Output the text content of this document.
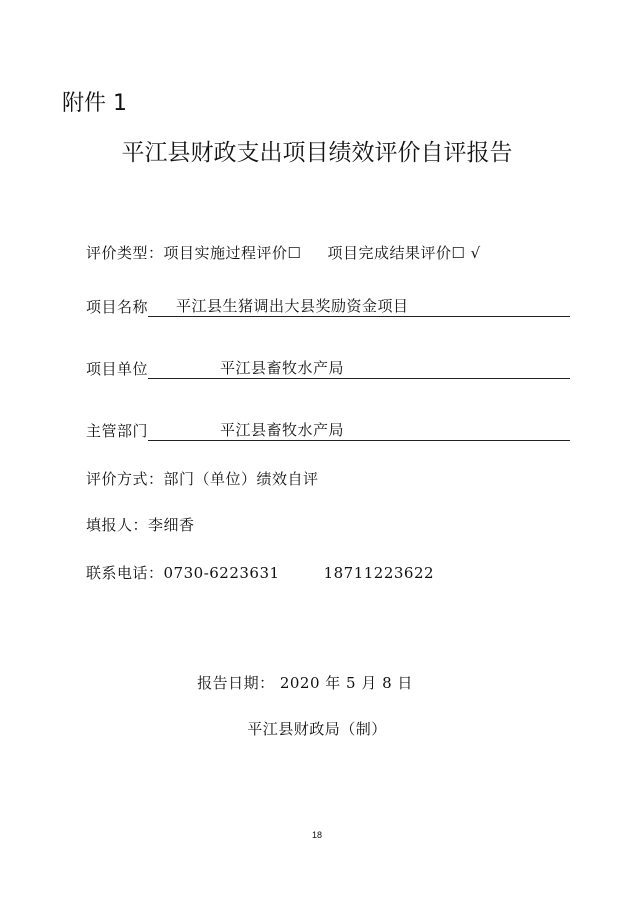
附件 1
平江县财政支出项目绩效评价自评报告
评价类型：项目实施过程评价☐ 项目完成结果评价☐ √
项目名称	平江县生猪调出大县奖励资金项目
项目单位	平江县畜牧水产局
主管部门	平江县畜牧水产局
评价方式：部门（单位）绩效自评
填报人：李细香
联系电话：0730-6223631	18711223622
报告日期： 2020 年 5 月 8 日
平江县财政局（制）
18
